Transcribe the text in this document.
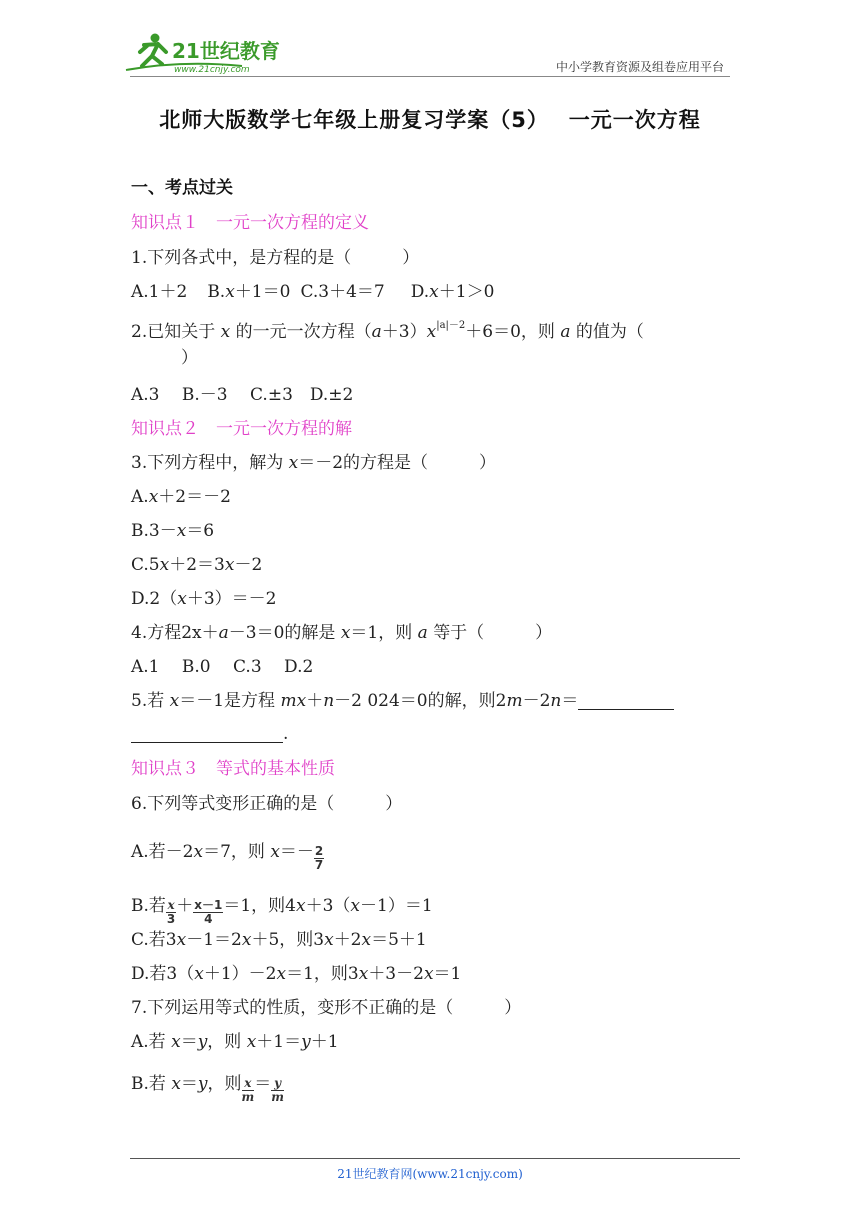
21世纪教育
www.21cnjy.com	中小学教育资源及组卷应用平台
北师大版数学七年级上册复习学案（5）　 一元一次方程
一、考点过关
知识点１　一元一次方程的定义
1.下列各式中，是方程的是（　　　）
A.1＋2 B.x＋1＝0 C.3＋4＝7 D.x＋1＞0
2.已知关于 x 的一元一次方程$(a+3)x^{|a|-2}+6=0$，则 a 的值为（
　　）
A.3　 B.－3　 C.±3　D.±2
知识点２　一元一次方程的解
3.下列方程中，解为 x＝－2的方程是（　　　）
A.x＋2＝－2
B.3－x＝6
C.5x＋2＝3x－2
D.2（x＋3）＝－2
4.方程2x＋a－3＝0的解是 x＝1，则 a 等于（　　　）
A.1　 B.0　 C.3　 D.2
5.若 x＝－1是方程 mx＋n－2 024＝0的解，则2m－2n＝
.
知识点３　等式的基本性质
6.下列等式变形正确的是（　　　）
A.若－2x＝7，则 $x=- \frac{2}{7}$
B.若 $\frac{x}{3} + \frac{x-1}{4} =1$，则4x＋3（x－1）＝1
C.若3x－1＝2x＋5，则3x＋2x＝5＋1
D.若3（x＋1）－2x＝1，则3x＋3－2x＝1
7.下列运用等式的性质，变形不正确的是（　　　）
A.若 x＝y，则 x＋1＝y＋1
B.若 x＝y，则 $\frac{x}{m}= \frac{y}{m}$
21世纪教育网(www.21cnjy.com)
